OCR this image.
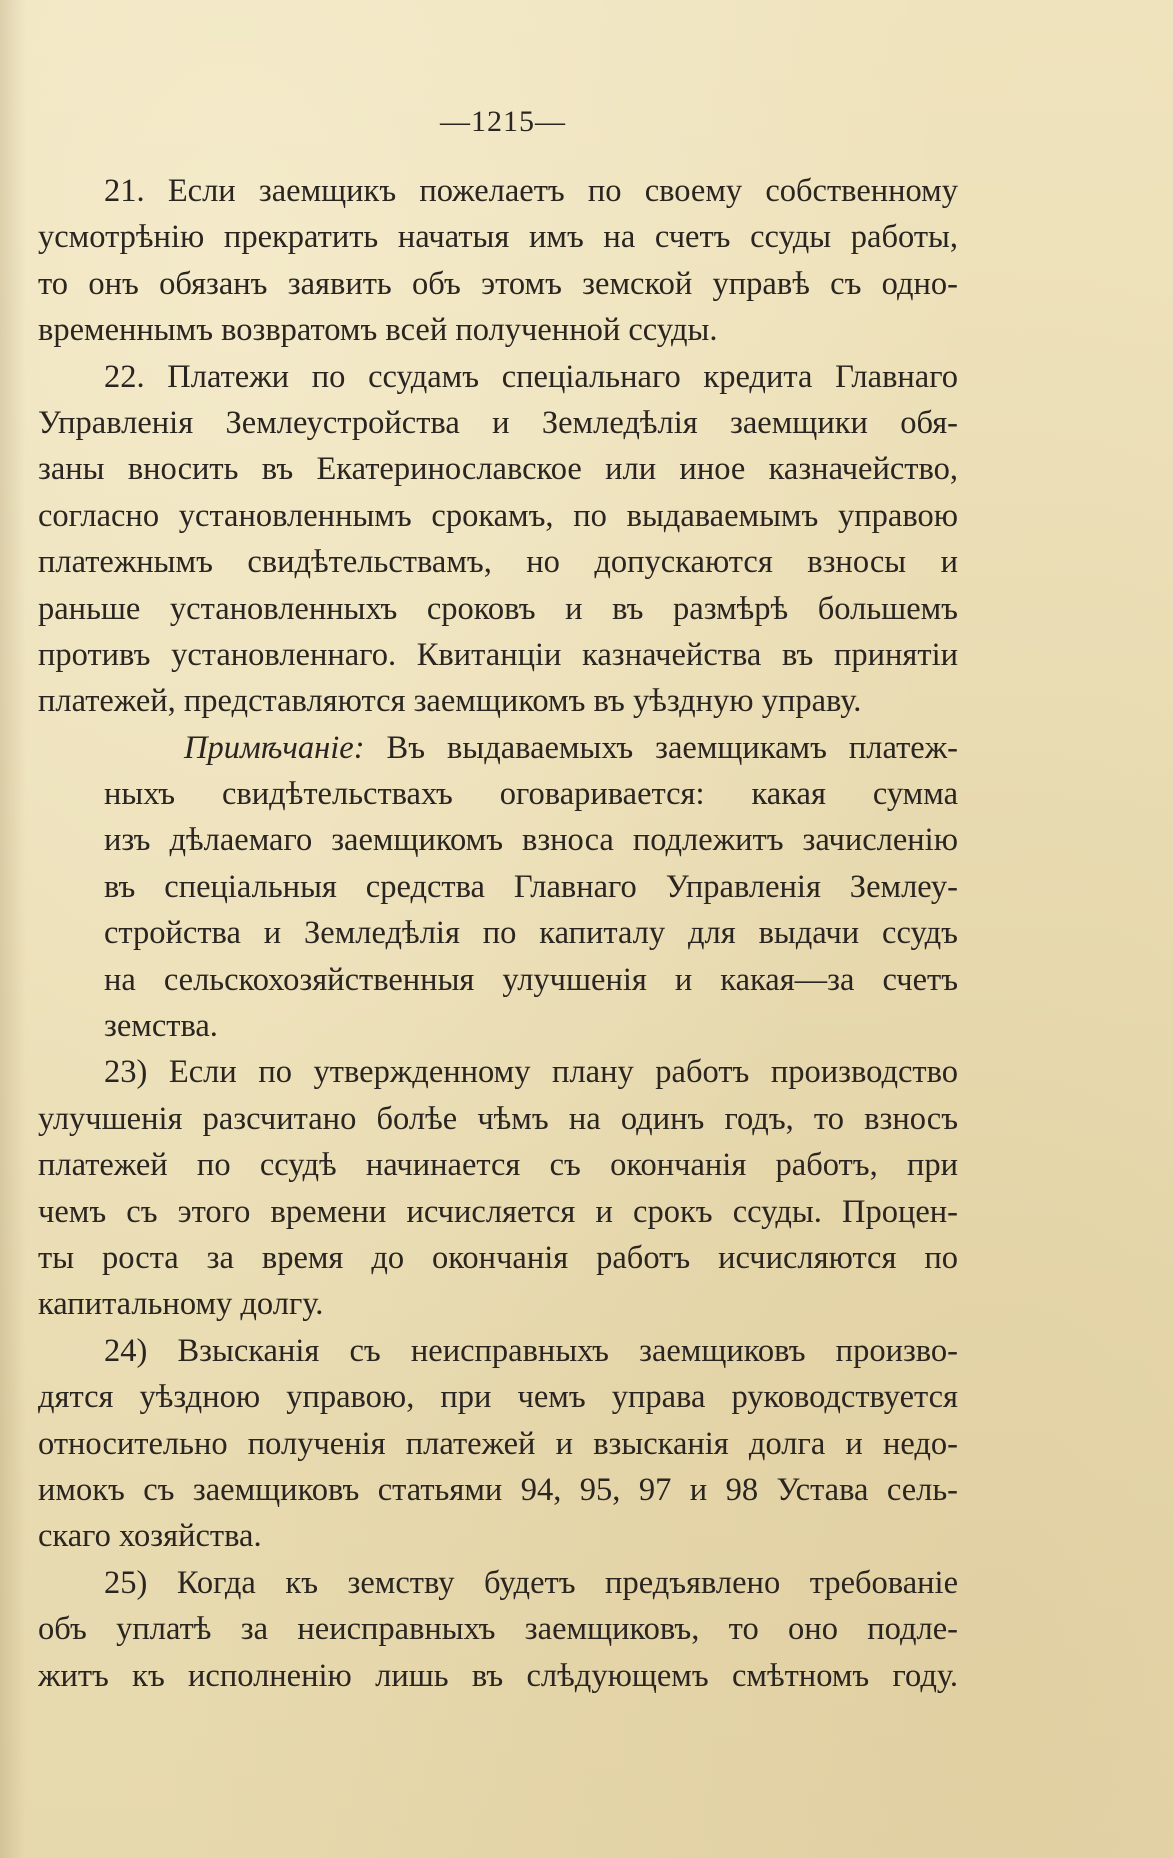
—1215—
21. Если заемщикъ пожелаетъ по своему собственному
усмотрѣнію прекратить начатыя имъ на счетъ ссуды работы,
то онъ обязанъ заявить объ этомъ земской управѣ съ одно-
временнымъ возвратомъ всей полученной ссуды.
22. Платежи по ссудамъ спеціальнаго кредита Главнаго
Управленія Землеустройства и Земледѣлія заемщики обя-
заны вносить въ Екатеринославское или иное казначейство,
согласно установленнымъ срокамъ, по выдаваемымъ управою
платежнымъ свидѣтельствамъ, но допускаются взносы и
раньше установленныхъ сроковъ и въ размѣрѣ большемъ
противъ установленнаго. Квитанціи казначейства въ принятіи
платежей, представляются заемщикомъ въ уѣздную управу.
Примѣчаніе: Въ выдаваемыхъ заемщикамъ платеж-
ныхъ свидѣтельствахъ оговаривается: какая сумма
изъ дѣлаемаго заемщикомъ взноса подлежитъ зачисленію
въ спеціальныя средства Главнаго Управленія Землеу-
стройства и Земледѣлія по капиталу для выдачи ссудъ
на сельскохозяйственныя улучшенія и какая—за счетъ
земства.
23) Если по утвержденному плану работъ производство
улучшенія разсчитано болѣе чѣмъ на одинъ годъ, то взносъ
платежей по ссудѣ начинается съ окончанія работъ, при
чемъ съ этого времени исчисляется и срокъ ссуды. Процен-
ты роста за время до окончанія работъ исчисляются по
капитальному долгу.
24) Взысканія съ неисправныхъ заемщиковъ произво-
дятся уѣздною управою, при чемъ управа руководствуется
относительно полученія платежей и взысканія долга и недо-
имокъ съ заемщиковъ статьями 94, 95, 97 и 98 Устава сель-
скаго хозяйства.
25) Когда къ земству будетъ предъявлено требованіе
объ уплатѣ за неисправныхъ заемщиковъ, то оно подле-
житъ къ исполненію лишь въ слѣдующемъ смѣтномъ году.
